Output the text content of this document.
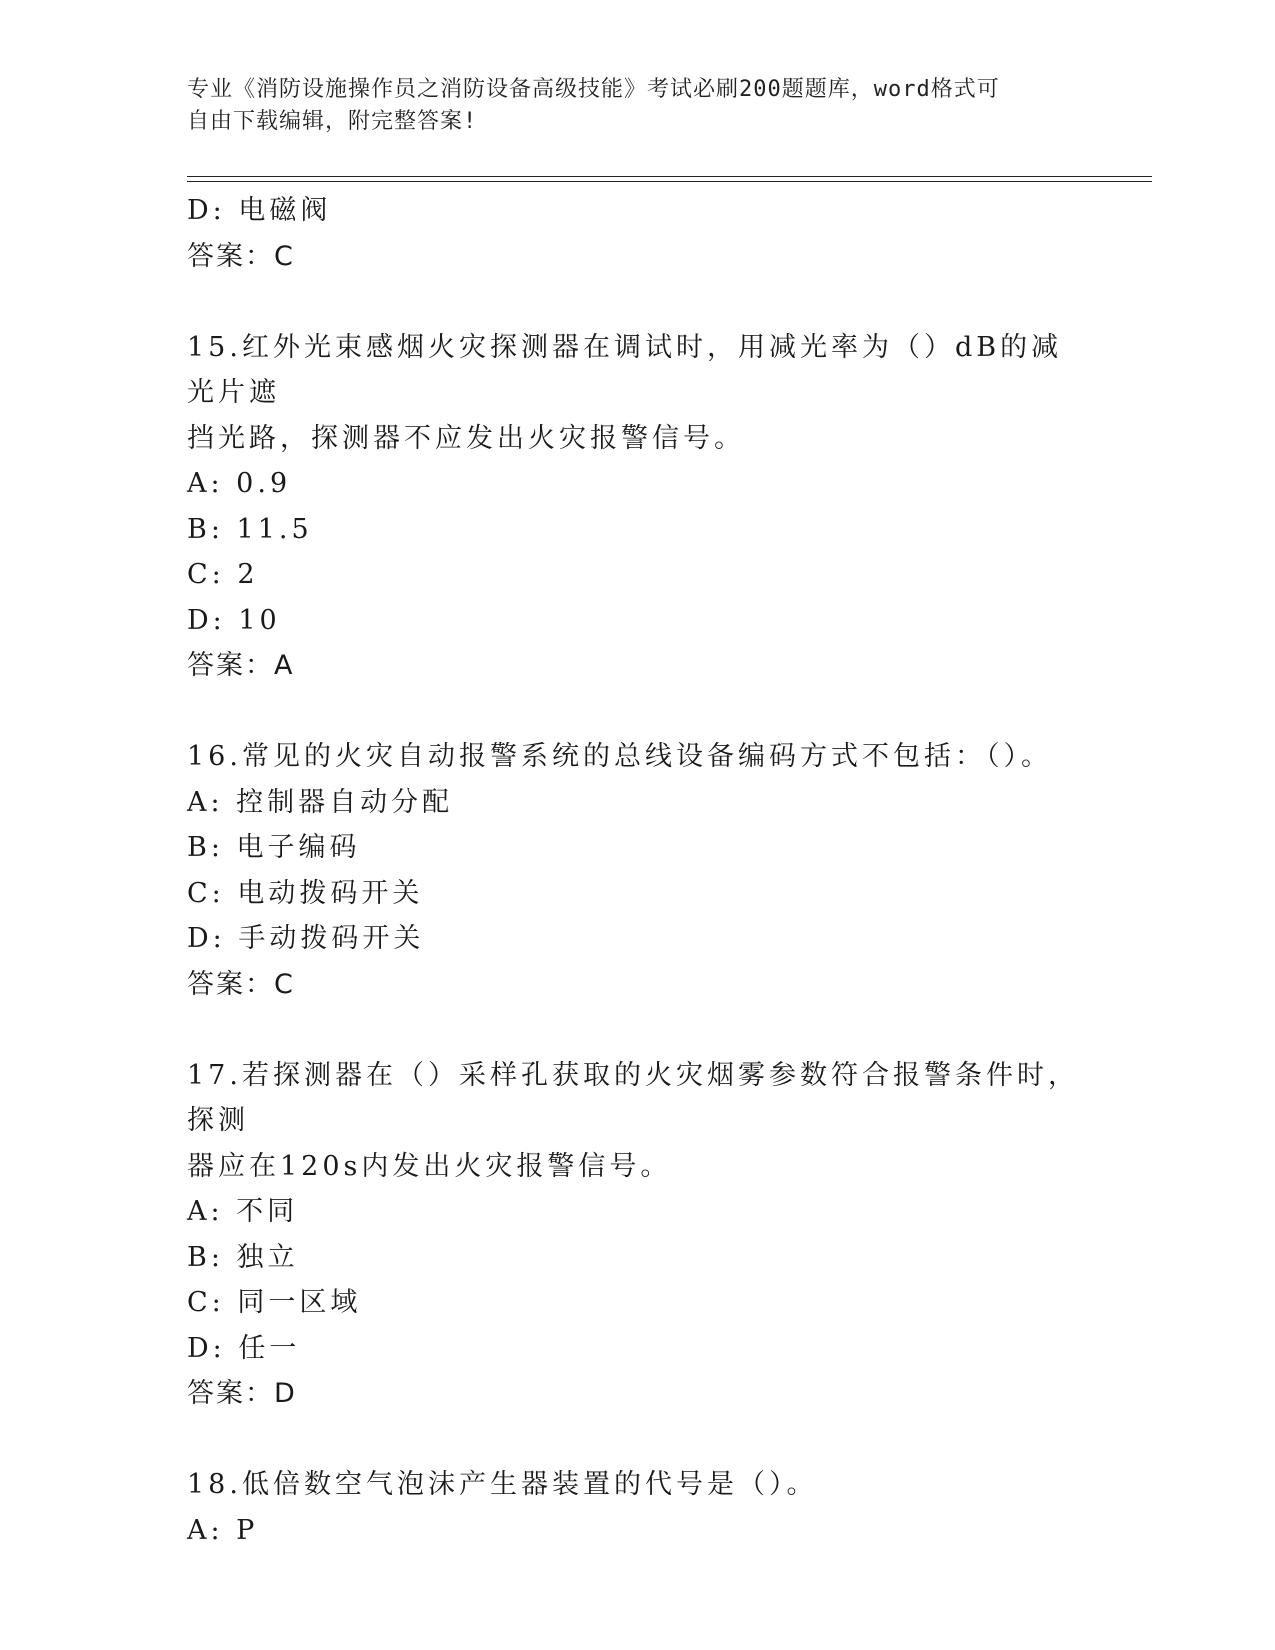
专业《消防设施操作员之消防设备高级技能》考试必刷200题题库，word格式可
自由下载编辑，附完整答案!
D: 电磁阀
答案：C
15.红外光束感烟火灾探测器在调试时，用减光率为（）dB的减光片遮
挡光路，探测器不应发出火灾报警信号。
A: 0.9
B: 11.5
C: 2
D: 10
答案：A
16.常见的火灾自动报警系统的总线设备编码方式不包括：（）。
A: 控制器自动分配
B: 电子编码
C: 电动拨码开关
D: 手动拨码开关
答案：C
17.若探测器在（）采样孔获取的火灾烟雾参数符合报警条件时，探测
器应在120s内发出火灾报警信号。
A: 不同
B: 独立
C: 同一区域
D: 任一
答案：D
18.低倍数空气泡沫产生器装置的代号是（）。
A: P
